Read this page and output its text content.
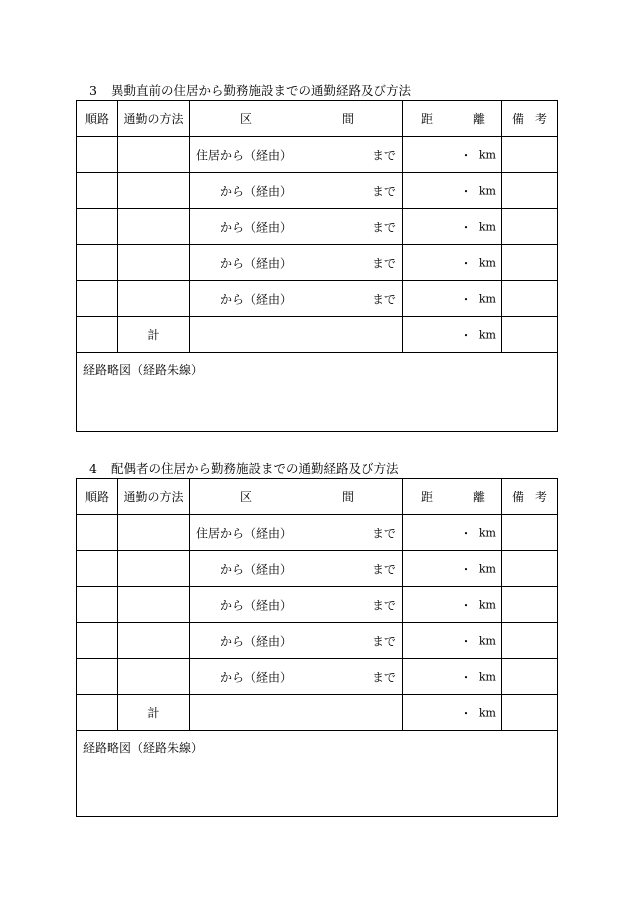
3 異動直前の住居から勤務施設までの通勤経路及び方法
順路	通勤の方法	区 間	距 離	備 考

		住居から（経由） まで	・ km	

		から（経由） まで	・ km	

		から（経由） まで	・ km	

		から（経由） まで	・ km	

		から（経由） まで	・ km	

	計		・ km	

経路略図（経路朱線）				
4 配偶者の住居から勤務施設までの通勤経路及び方法
順路	通勤の方法	区 間	距 離	備 考

		住居から（経由） まで	・ km	

		から（経由） まで	・ km	

		から（経由） まで	・ km	

		から（経由） まで	・ km	

		から（経由） まで	・ km	

	計		・ km	

経路略図（経路朱線）				
